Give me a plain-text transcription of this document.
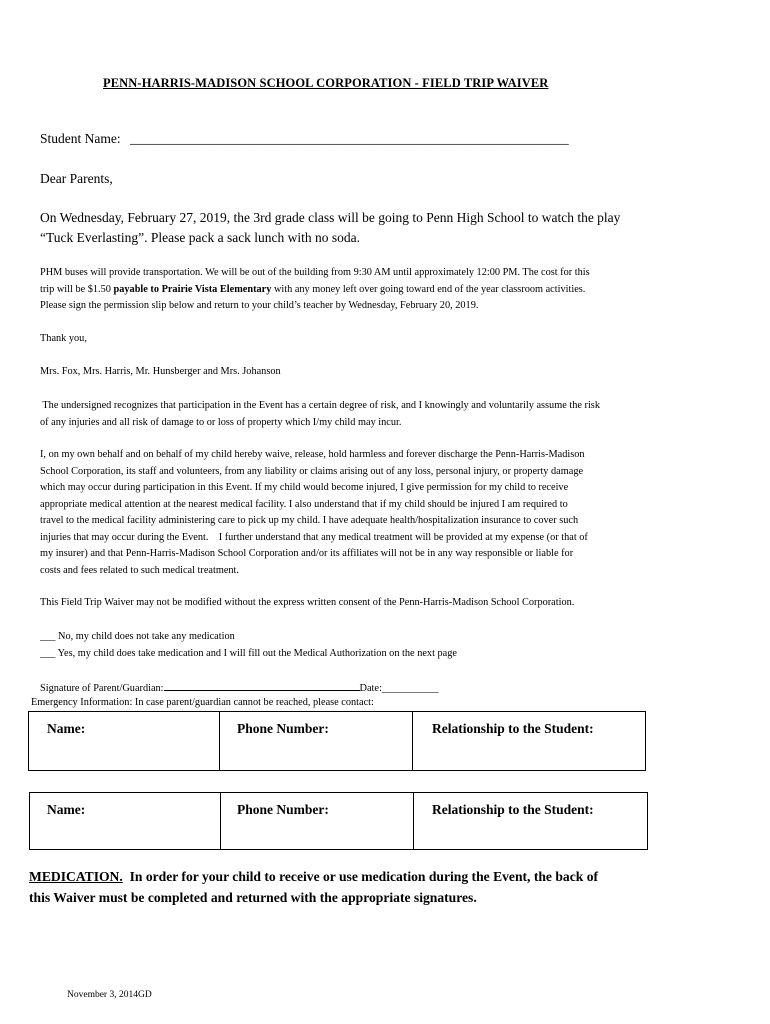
PENN-HARRIS-MADISON SCHOOL CORPORATION - FIELD TRIP WAIVER
Student Name: _________________________________________________________________
Dear Parents,
On Wednesday, February 27, 2019, the 3rd grade class will be going to Penn High School to watch the play
“Tuck Everlasting”. Please pack a sack lunch with no soda.
PHM buses will provide transportation. We will be out of the building from 9:30 AM until approximately 12:00 PM. The cost for this
trip will be $1.50 payable to Prairie Vista Elementary with any money left over going toward end of the year classroom activities.
Please sign the permission slip below and return to your child’s teacher by Wednesday, February 20, 2019.
Thank you,
Mrs. Fox, Mrs. Harris, Mr. Hunsberger and Mrs. Johanson
The undersigned recognizes that participation in the Event has a certain degree of risk, and I knowingly and voluntarily assume the risk
of any injuries and all risk of damage to or loss of property which I/my child may incur.
I, on my own behalf and on behalf of my child hereby waive, release, hold harmless and forever discharge the Penn-Harris-Madison
School Corporation, its staff and volunteers, from any liability or claims arising out of any loss, personal injury, or property damage
which may occur during participation in this Event. If my child would become injured, I give permission for my child to receive
appropriate medical attention at the nearest medical facility. I also understand that if my child should be injured I am required to
travel to the medical facility administering care to pick up my child. I have adequate health/hospitalization insurance to cover such
injuries that may occur during the Event.    I further understand that any medical treatment will be provided at my expense (or that of
my insurer) and that Penn-Harris-Madison School Corporation and/or its affiliates will not be in any way responsible or liable for
costs and fees related to such medical treatment.
This Field Trip Waiver may not be modified without the express written consent of the Penn-Harris-Madison School Corporation.
___ No, my child does not take any medication
___ Yes, my child does take medication and I will fill out the Medical Authorization on the next page
Signature of Parent/Guardian:	Date:___________
Emergency Information: In case parent/guardian cannot be reached, please contact:
Name:	Phone Number:	Relationship to the Student:
Name:	Phone Number:	Relationship to the Student:
MEDICATION.  In order for your child to receive or use medication during the Event, the back of
this Waiver must be completed and returned with the appropriate signatures.
November 3, 2014GD
